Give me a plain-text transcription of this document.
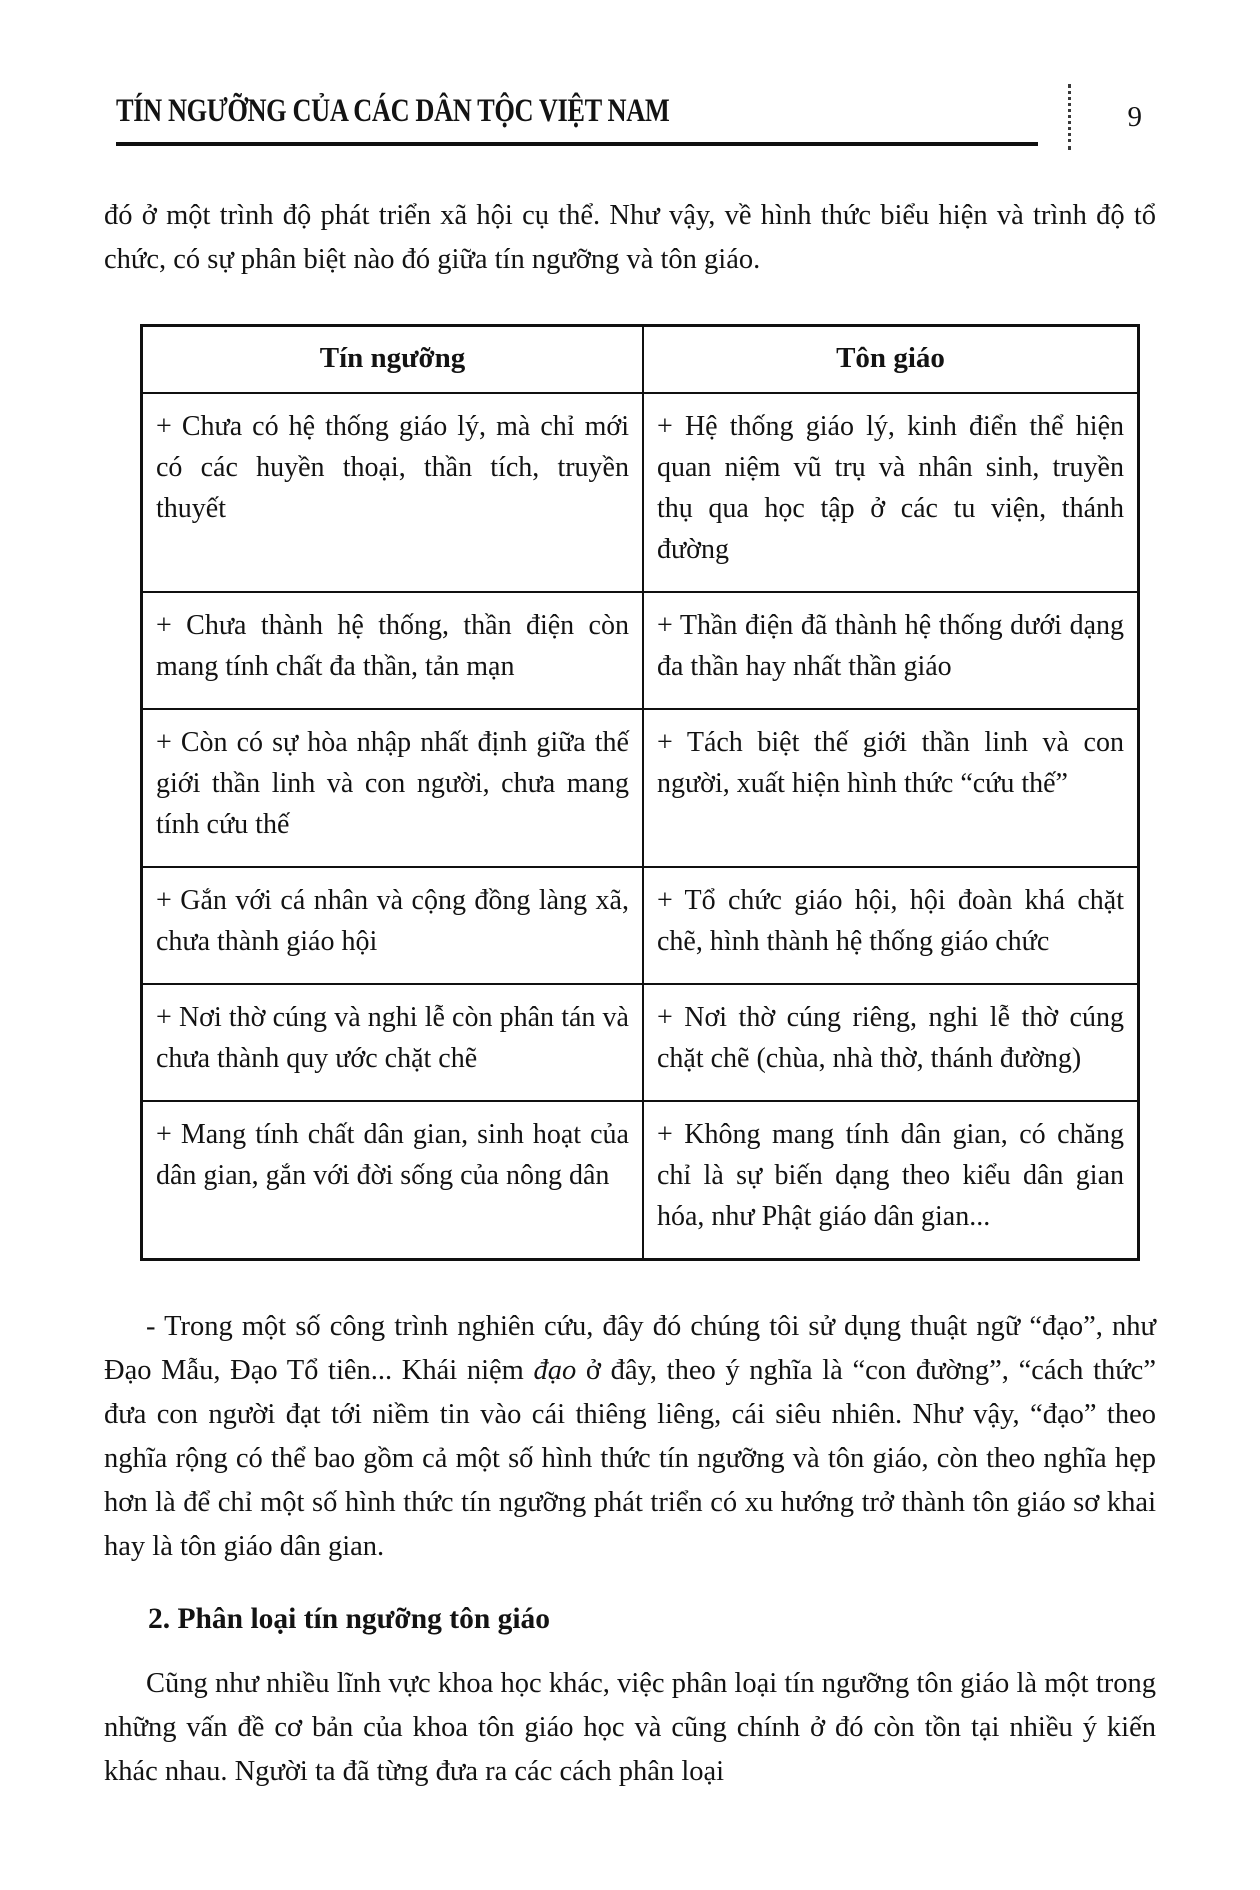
TÍN NGƯỠNG CỦA CÁC DÂN TỘC VIỆT NAM	9

đó ở một trình độ phát triển xã hội cụ thể. Như vậy, về hình thức biểu hiện và trình độ tổ chức, có sự phân biệt nào đó giữa tín ngưỡng và tôn giáo.

Tín ngưỡng	Tôn giáo
+ Chưa có hệ thống giáo lý, mà chỉ mới có các huyền thoại, thần tích, truyền thuyết	+ Hệ thống giáo lý, kinh điển thể hiện quan niệm vũ trụ và nhân sinh, truyền thụ qua học tập ở các tu viện, thánh đường
+ Chưa thành hệ thống, thần điện còn mang tính chất đa thần, tản mạn	+ Thần điện đã thành hệ thống dưới dạng đa thần hay nhất thần giáo
+ Còn có sự hòa nhập nhất định giữa thế giới thần linh và con người, chưa mang tính cứu thế	+ Tách biệt thế giới thần linh và con người, xuất hiện hình thức “cứu thế”
+ Gắn với cá nhân và cộng đồng làng xã, chưa thành giáo hội	+ Tổ chức giáo hội, hội đoàn khá chặt chẽ, hình thành hệ thống giáo chức
+ Nơi thờ cúng và nghi lễ còn phân tán và chưa thành quy ước chặt chẽ	+ Nơi thờ cúng riêng, nghi lễ thờ cúng chặt chẽ (chùa, nhà thờ, thánh đường)
+ Mang tính chất dân gian, sinh hoạt của dân gian, gắn với đời sống của nông dân	+ Không mang tính dân gian, có chăng chỉ là sự biến dạng theo kiểu dân gian hóa, như Phật giáo dân gian...

- Trong một số công trình nghiên cứu, đây đó chúng tôi sử dụng thuật ngữ “đạo”, như Đạo Mẫu, Đạo Tổ tiên... Khái niệm đạo ở đây, theo ý nghĩa là “con đường”, “cách thức” đưa con người đạt tới niềm tin vào cái thiêng liêng, cái siêu nhiên. Như vậy, “đạo” theo nghĩa rộng có thể bao gồm cả một số hình thức tín ngưỡng và tôn giáo, còn theo nghĩa hẹp hơn là để chỉ một số hình thức tín ngưỡng phát triển có xu hướng trở thành tôn giáo sơ khai hay là tôn giáo dân gian.

2. Phân loại tín ngưỡng tôn giáo

Cũng như nhiều lĩnh vực khoa học khác, việc phân loại tín ngưỡng tôn giáo là một trong những vấn đề cơ bản của khoa tôn giáo học và cũng chính ở đó còn tồn tại nhiều ý kiến khác nhau. Người ta đã từng đưa ra các cách phân loại
